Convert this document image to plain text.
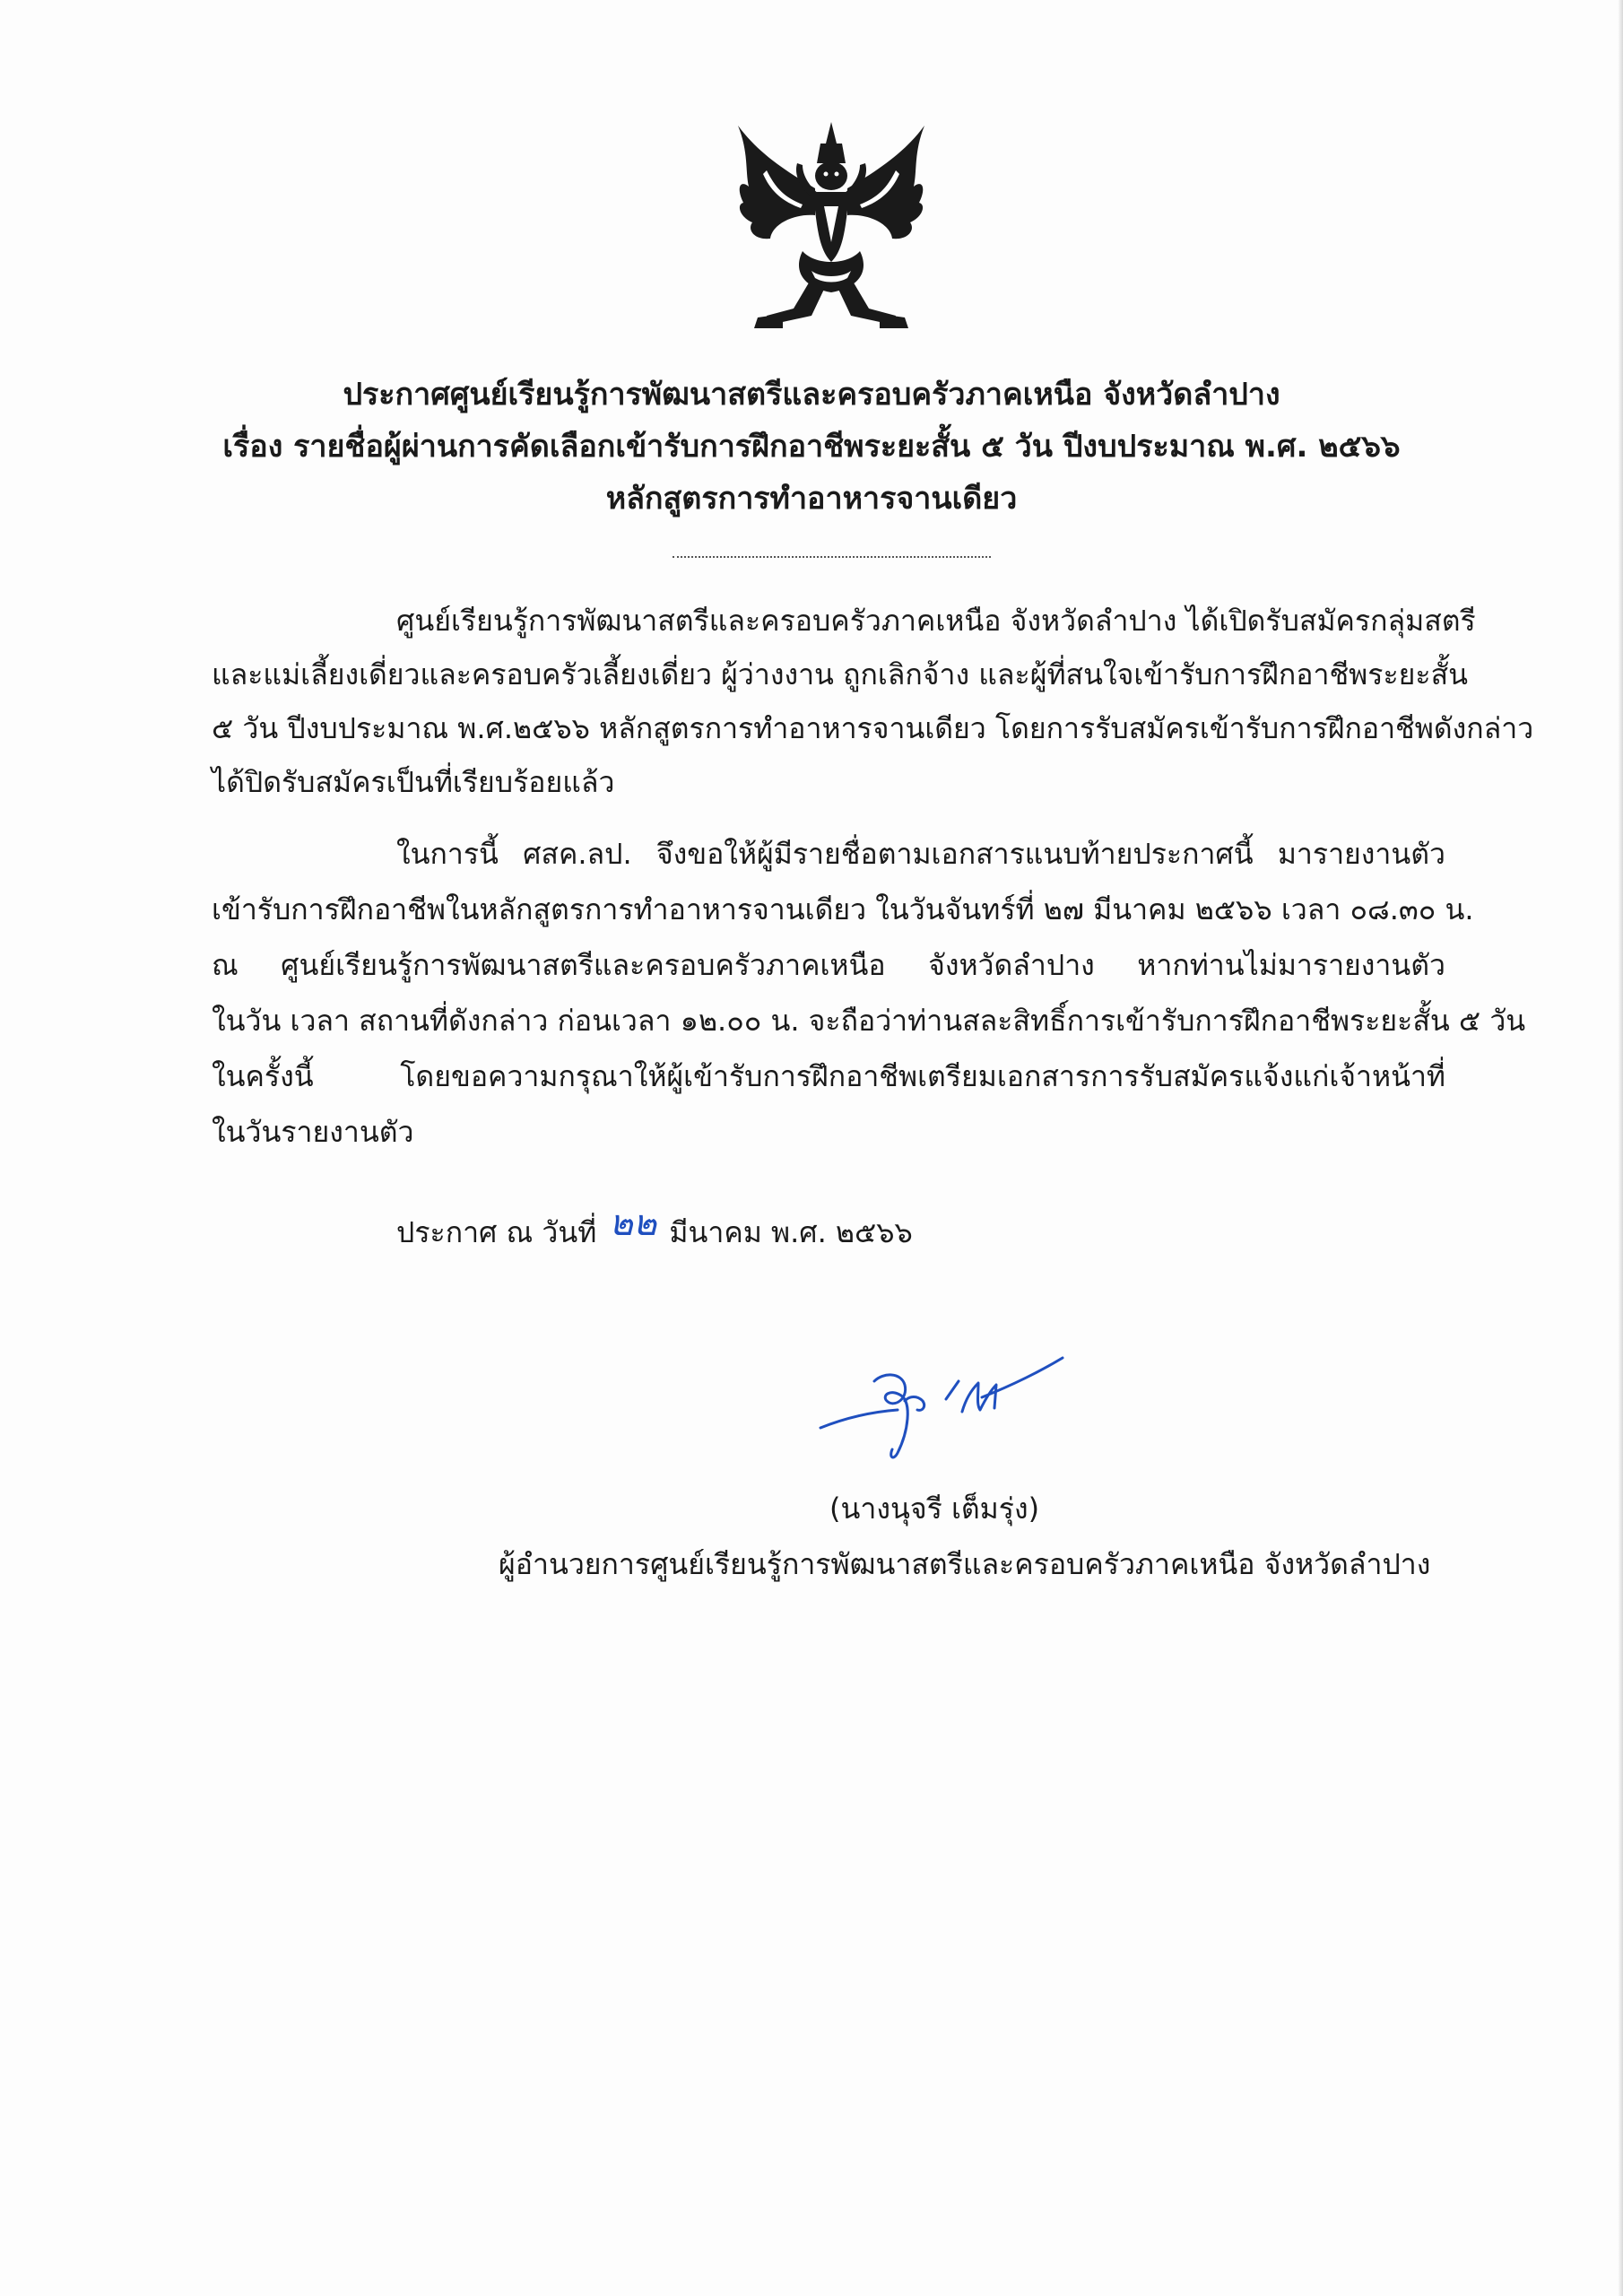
ประกาศศูนย์เรียนรู้การพัฒนาสตรีและครอบครัวภาคเหนือ จังหวัดลำปาง
เรื่อง รายชื่อผู้ผ่านการคัดเลือกเข้ารับการฝึกอาชีพระยะสั้น ๕ วัน ปีงบประมาณ พ.ศ. ๒๕๖๖
หลักสูตรการทำอาหารจานเดียว
ศูนย์เรียนรู้การพัฒนาสตรีและครอบครัวภาคเหนือ จังหวัดลำปาง ได้เปิดรับสมัครกลุ่มสตรี
และแม่เลี้ยงเดี่ยวและครอบครัวเลี้ยงเดี่ยว ผู้ว่างงาน ถูกเลิกจ้าง และผู้ที่สนใจเข้ารับการฝึกอาชีพระยะสั้น
๕ วัน ปีงบประมาณ พ.ศ.๒๕๖๖ หลักสูตรการทำอาหารจานเดียว โดยการรับสมัครเข้ารับการฝึกอาชีพดังกล่าว
ได้ปิดรับสมัครเป็นที่เรียบร้อยแล้ว
ในการนี้ ศสค.ลป. จึงขอให้ผู้มีรายชื่อตามเอกสารแนบท้ายประกาศนี้ มารายงานตัว
เข้ารับการฝึกอาชีพในหลักสูตรการทำอาหารจานเดียว ในวันจันทร์ที่ ๒๗ มีนาคม ๒๕๖๖ เวลา ๐๘.๓๐ น.
ณ ศูนย์เรียนรู้การพัฒนาสตรีและครอบครัวภาคเหนือ จังหวัดลำปาง หากท่านไม่มารายงานตัว
ในวัน เวลา สถานที่ดังกล่าว ก่อนเวลา ๑๒.๐๐ น. จะถือว่าท่านสละสิทธิ์การเข้ารับการฝึกอาชีพระยะสั้น ๕ วัน
ในครั้งนี้ โดยขอความกรุณาให้ผู้เข้ารับการฝึกอาชีพเตรียมเอกสารการรับสมัครแจ้งแก่เจ้าหน้าที่
ในวันรายงานตัว
ประกาศ ณ วันที่ ๒๒ มีนาคม พ.ศ. ๒๕๖๖
(นางนุจรี เต็มรุ่ง)
ผู้อำนวยการศูนย์เรียนรู้การพัฒนาสตรีและครอบครัวภาคเหนือ จังหวัดลำปาง
